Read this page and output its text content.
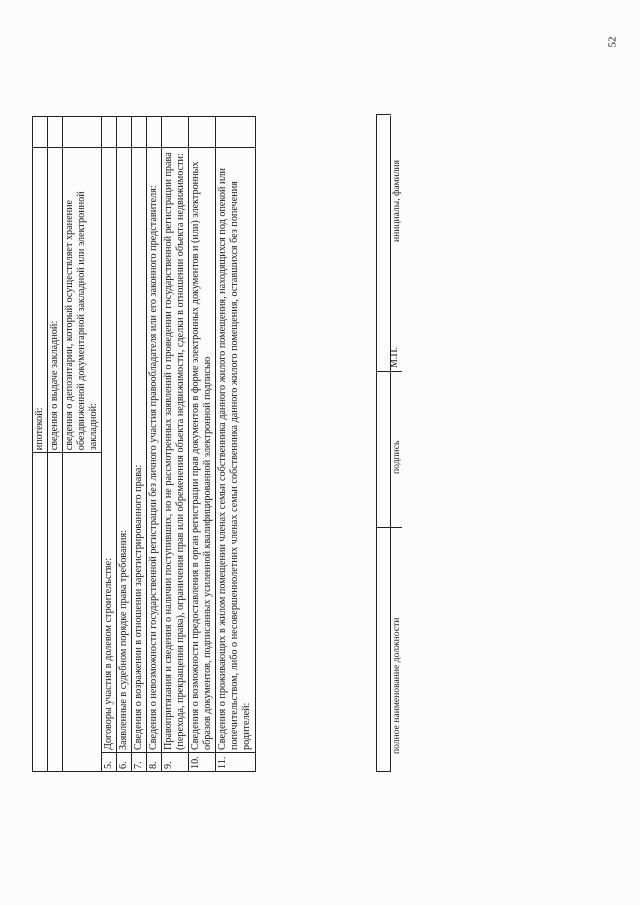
52
		ипотекой:	
		сведения о выдаче закладной:	
		сведения о депозитарии, который осуществляет хранение обездвиженной документарной закладной или электронной закладной:	
5.	Договоры участия в долевом строительстве:		
6.	Заявленные в судебном порядке права требования:		
7.	Сведения о возражении в отношении зарегистрированного права:		
8.	Сведения о невозможности государственной регистрации без личного участия правообладателя или его законного представителя:		
9.	Правопритязания и сведения о наличии поступивших, но не рассмотренных заявлений о проведении государственной регистрации права (перехода, прекращения права), ограничения прав или обременения объекта недвижимости, сделки в отношении объекта недвижимости:		
10.	Сведения о возможности предоставления в орган регистрации прав документов в форме электронных документов и (или) электронных образов документов, подписанных усиленной квалифицированной электронной подписью		
11.	Сведения о проживающих в жилом помещении членах семьи собственника данного жилого помещения, находящихся под опекой или попечительством, либо о несовершеннолетних членах семьи собственника данного жилого помещения, оставшихся без попечения родителей:			полное наименование должности
подпись
М.П.
инициалы, фамилия
